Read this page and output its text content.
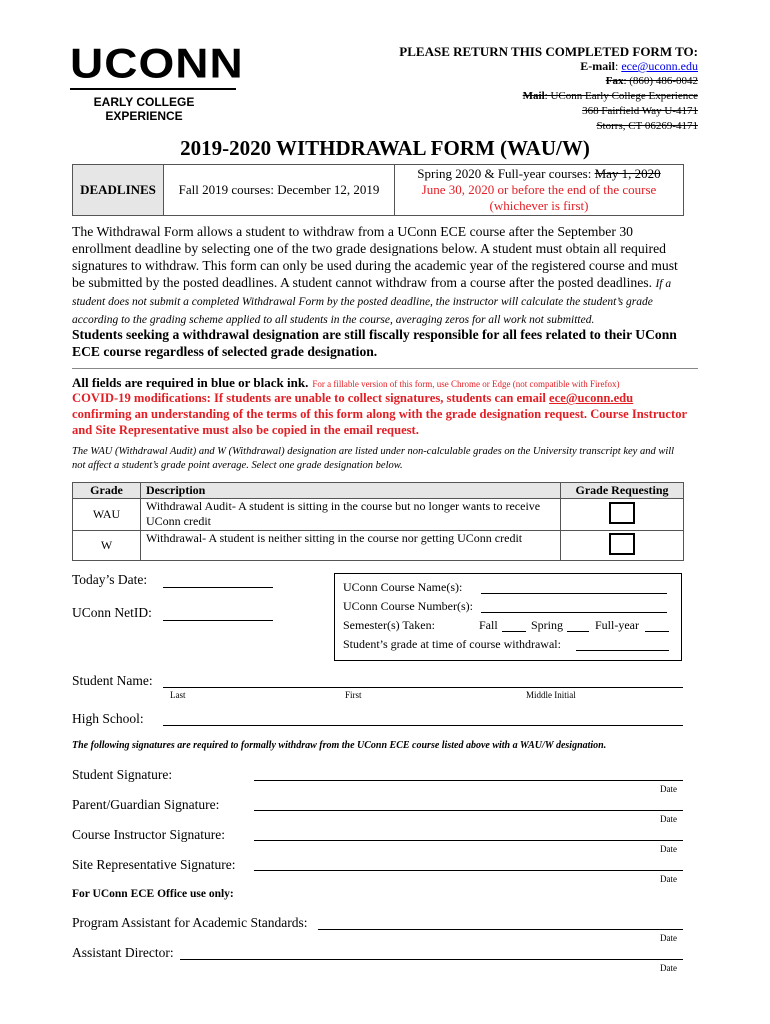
UCONN
EARLY COLLEGE
EXPERIENCE
PLEASE RETURN THIS COMPLETED FORM TO:
E-mail: ece@uconn.edu
Fax: (860) 486-0042
Mail: UConn Early College Experience
368 Fairfield Way U-4171
Storrs, CT 06269-4171
2019-2020 WITHDRAWAL FORM (WAU/W)
DEADLINES	Fall 2019 courses: December 12, 2019	
Spring 2020 & Full-year courses: May 1, 2020
June 30, 2020 or before the end of the course
(whichever is first)
The Withdrawal Form allows a student to withdraw from a UConn ECE course after the September 30 enrollment deadline by selecting one of the two grade designations below. A student must obtain all required signatures to withdraw. This form can only be used during the academic year of the registered course and must be submitted by the posted deadlines. A student cannot withdraw from a course after the posted deadlines. If a student does not submit a completed Withdrawal Form by the posted deadline, the instructor will calculate the student’s grade according to the grading scheme applied to all students in the course, averaging zeros for all work not submitted.
Students seeking a withdrawal designation are still fiscally responsible for all fees related to their UConn ECE course regardless of selected grade designation.
All fields are required in blue or black ink. For a fillable version of this form, use Chrome or Edge (not compatible with Firefox)
COVID-19 modifications: If students are unable to collect signatures, students can email ece@uconn.edu confirming an understanding of the terms of this form along with the grade designation request. Course Instructor and Site Representative must also be copied in the email request.
The WAU (Withdrawal Audit) and W (Withdrawal) designation are listed under non-calculable grades on the University transcript key and will not affect a student’s grade point average. Select one grade designation below.
Grade	Description	Grade Requesting
WAU	Withdrawal Audit- A student is sitting in the course but no longer wants to receive UConn credit	
W	Withdrawal- A student is neither sitting in the course nor getting UConn credit	
Today’s Date:
UConn NetID:
UConn Course Name(s):
UConn Course Number(s):
Semester(s) Taken:	Fall	Spring	Full-year
Student’s grade at time of course withdrawal:
Student Name:
Last	First	Middle Initial
High School:
The following signatures are required to formally withdraw from the UConn ECE course listed above with a WAU/W designation.
Student Signature:
Date
Parent/Guardian Signature:
Date
Course Instructor Signature:
Date
Site Representative Signature:
Date
For UConn ECE Office use only:
Program Assistant for Academic Standards:
Date
Assistant Director:
Date
